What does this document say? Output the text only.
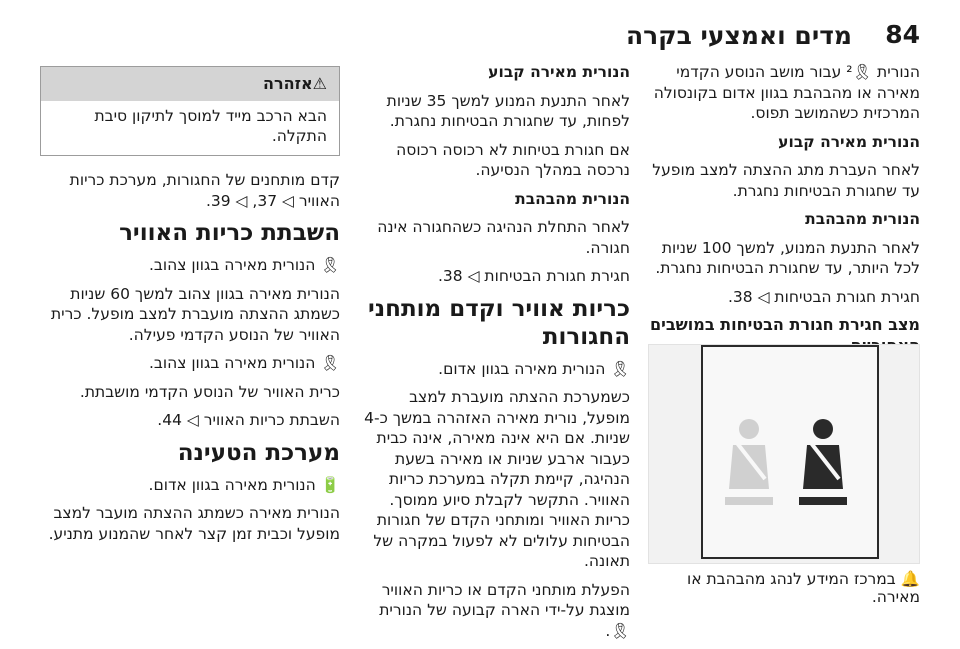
84
מדים ואמצעי בקרה

הנורית 🎗² עבור מושב הנוסע הקדמי מאירה או מהבהבת בגוון אדום בקונסולה המרכזית כשהמושב תפוס.

הנורית מאירה קבוע

לאחר העברת מתג ההצתה למצב מופעל עד שחגורת הבטיחות נחגרת.

הנורית מהבהבת

לאחר התנעת המנוע, למשך 100 שניות לכל היותר, עד שחגורת הבטיחות נחגרת.

חגירת חגורת הבטיחות ◁ 38.

מצב חגירת חגורת הבטיחות במושבים

🔔 במרכז המידע לנהג מהבהבת או מאירה.

הנורית מאירה קבוע

לאחר התנעת המנוע למשך 35 שניות לפחות, עד שחגורת הבטיחות נחגרת.

אם חגורת בטיחות לא רכוסה רכוסה נרכסה במהלך הנסיעה.

הנורית מהבהבת

לאחר התחלת הנהיגה כשהחגורה אינה חגורה.

חגירת חגורת הבטיחות ◁ 38.

כריות אוויר וקדם מותחני החגורות

🎗 הנורית מאירה בגוון אדום.

כשמערכת ההצתה מועברת למצב מופעל, נורית מאירה האזהרה במשך כ-4 שניות. אם היא אינה מאירה, אינה כבית כעבור ארבע שניות או מאירה בשעת הנהיגה, קיימת תקלה במערכת כריות האוויר. התקשר לקבלת סיוע ממוסך. כריות האוויר ומותחני הקדם של חגורות הבטיחות עלולים לא לפעול במקרה של תאונה.

הפעלת מותחני הקדם או כריות האוויר מוצגת על-ידי הארה קבועה של הנורית 🎗.

⚠אזהרה
הבא הרכב מייד למוסך לתיקון סיבת התקלה.

קדם מותחנים של החגורות, מערכת כריות האוויר ◁ 37, ◁ 39.

השבתת כריות האוויר

🎗 הנורית מאירה בגוון צהוב.

הנורית מאירה בגוון צהוב למשך 60 שניות כשמתג ההצתה מועברת למצב מופעל. כרית האוויר של הנוסע הקדמי פעילה.

🎗 הנורית מאירה בגוון צהוב.

כרית האוויר של הנוסע הקדמי מושבתת.

השבתת כריות האוויר ◁ 44.

מערכת הטעינה

🔋 הנורית מאירה בגוון אדום.

הנורית מאירה כשמתג ההצתה מועבר למצב מופעל וכבית זמן קצר לאחר שהמנוע מתניע.
